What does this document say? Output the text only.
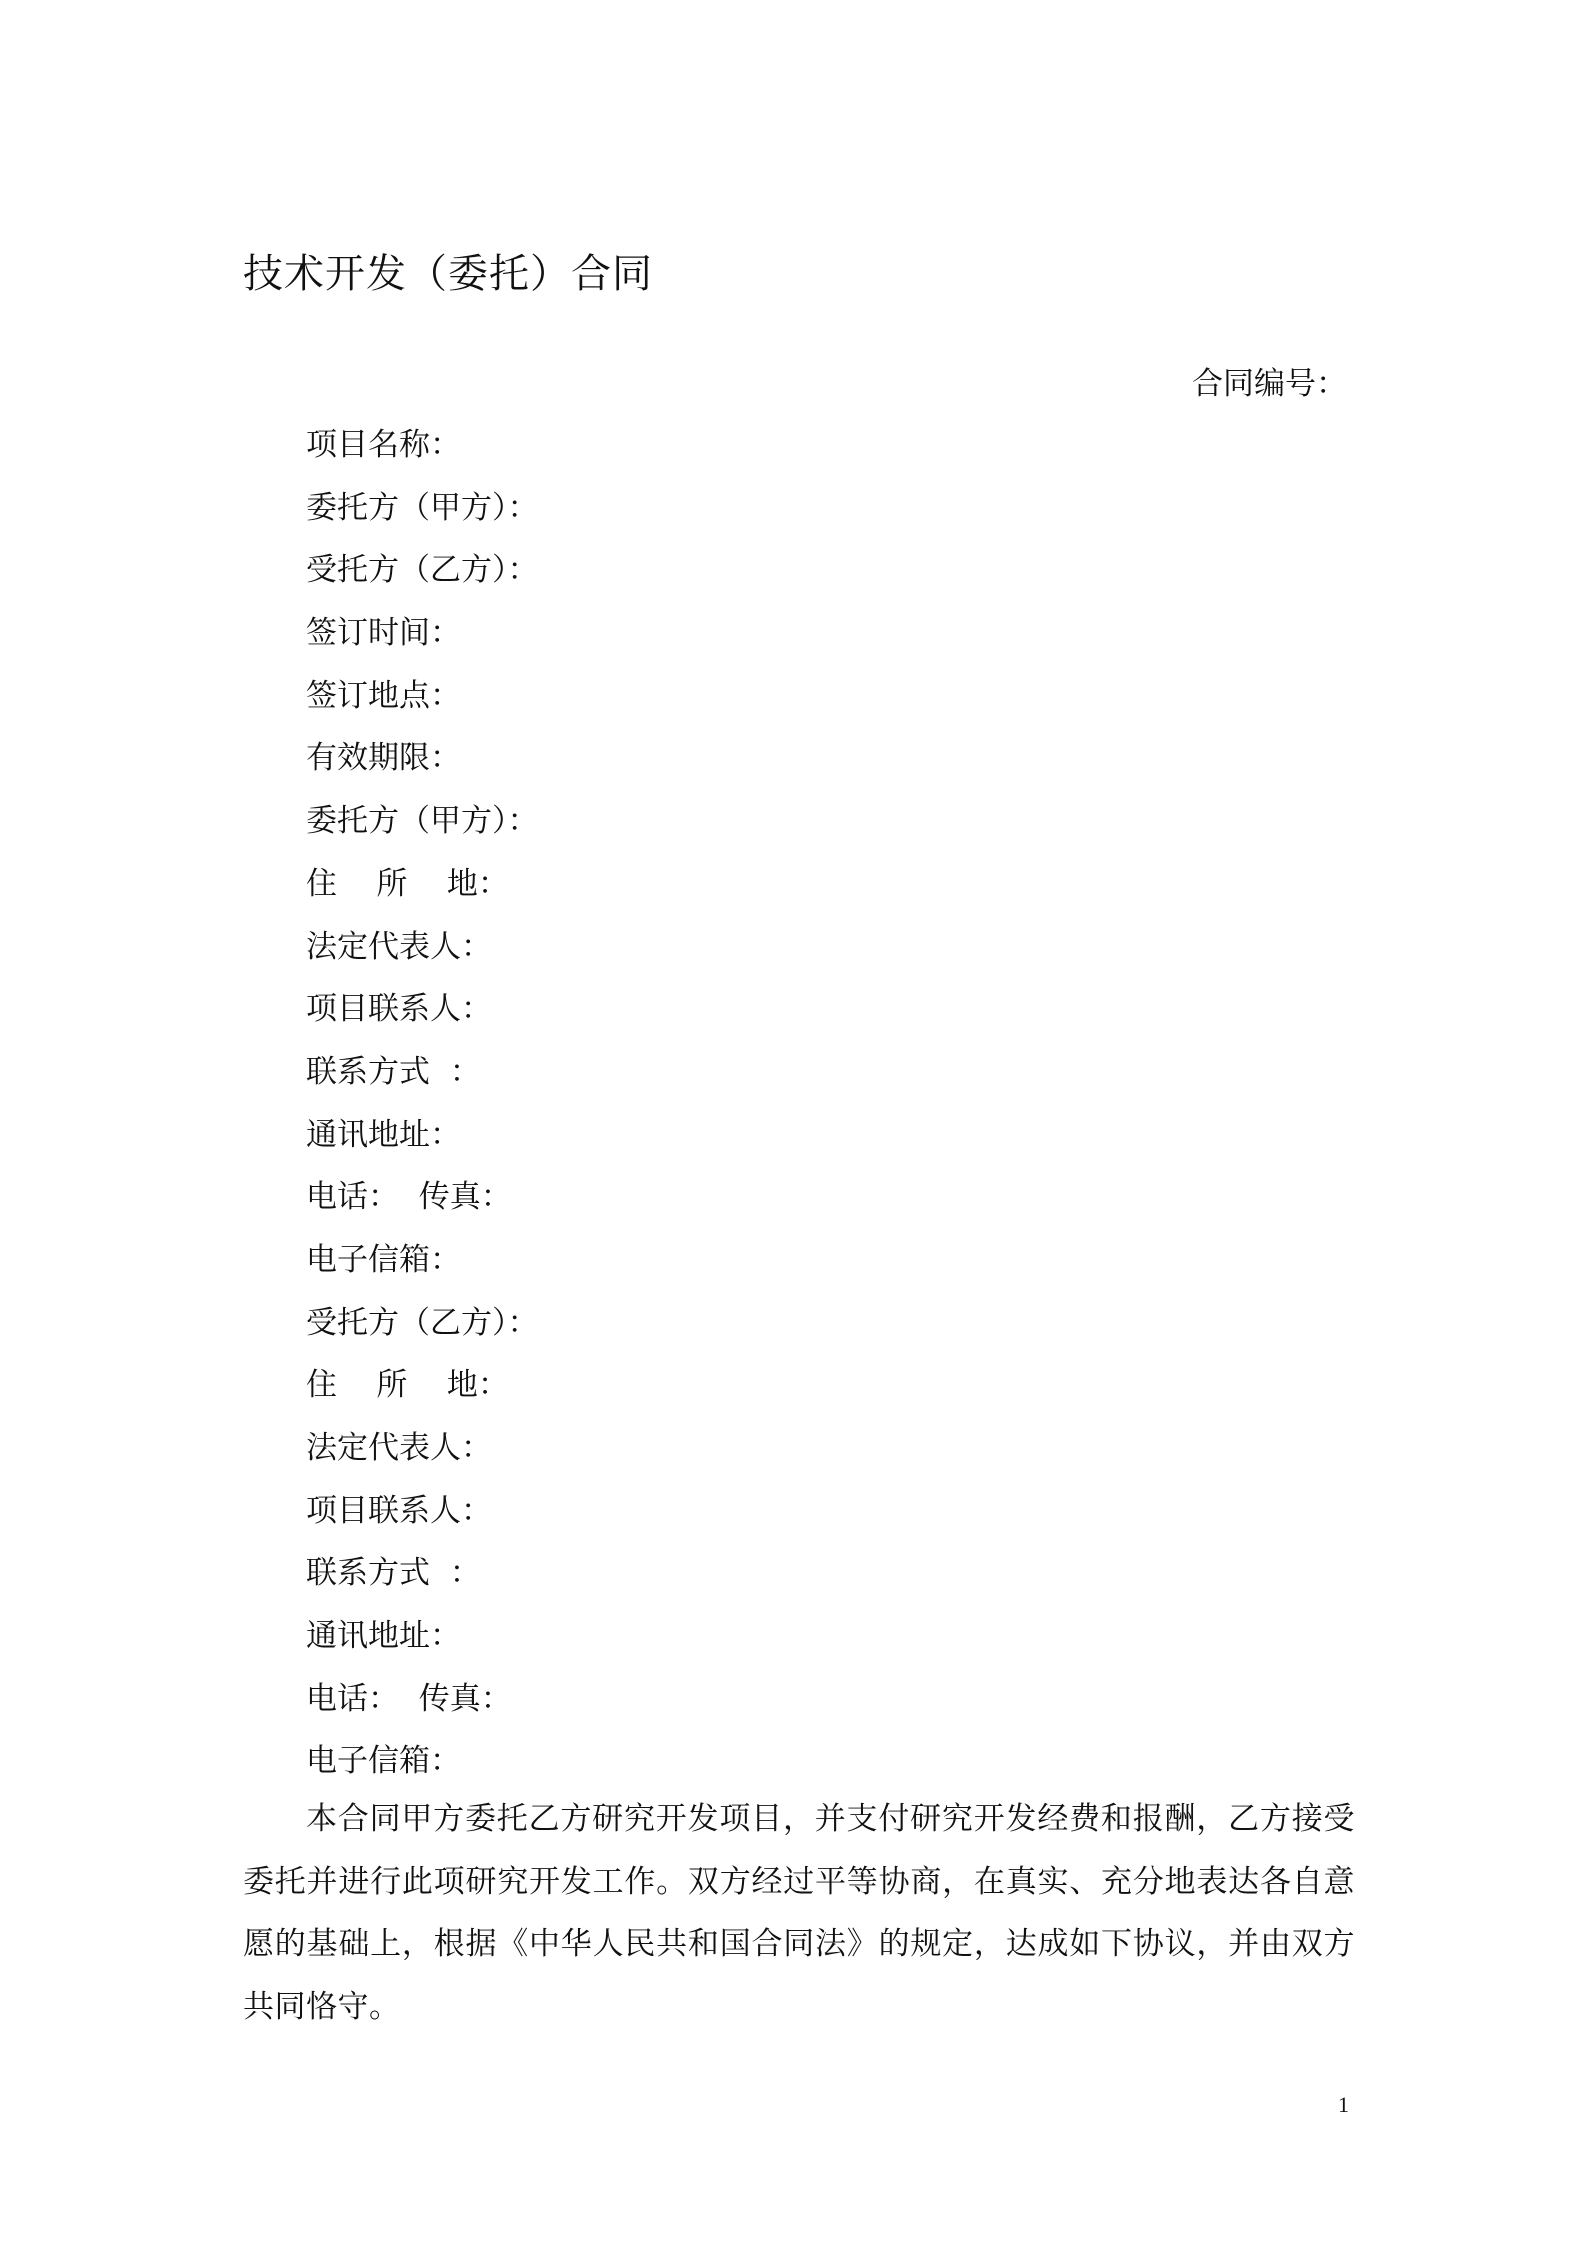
技术开发（委托）合同
合同编号：
项目名称：
委托方（甲方）：
受托方（乙方）：
签订时间：
签订地点：
有效期限：
委托方（甲方）：
住    所    地：
法定代表人：
项目联系人：
联系方式  ：
通讯地址：
电话：  传真：
电子信箱：
受托方（乙方）：
住    所    地：
法定代表人：
项目联系人：
联系方式  ：
通讯地址：
电话：  传真：
电子信箱：

本合同甲方委托乙方研究开发项目，并支付研究开发经费和报酬，乙方接受委托并进行此项研究开发工作。双方经过平等协商，在真实、充分地表达各自意愿的基础上，根据《中华人民共和国合同法》的规定，达成如下协议，并由双方共同恪守。

1
